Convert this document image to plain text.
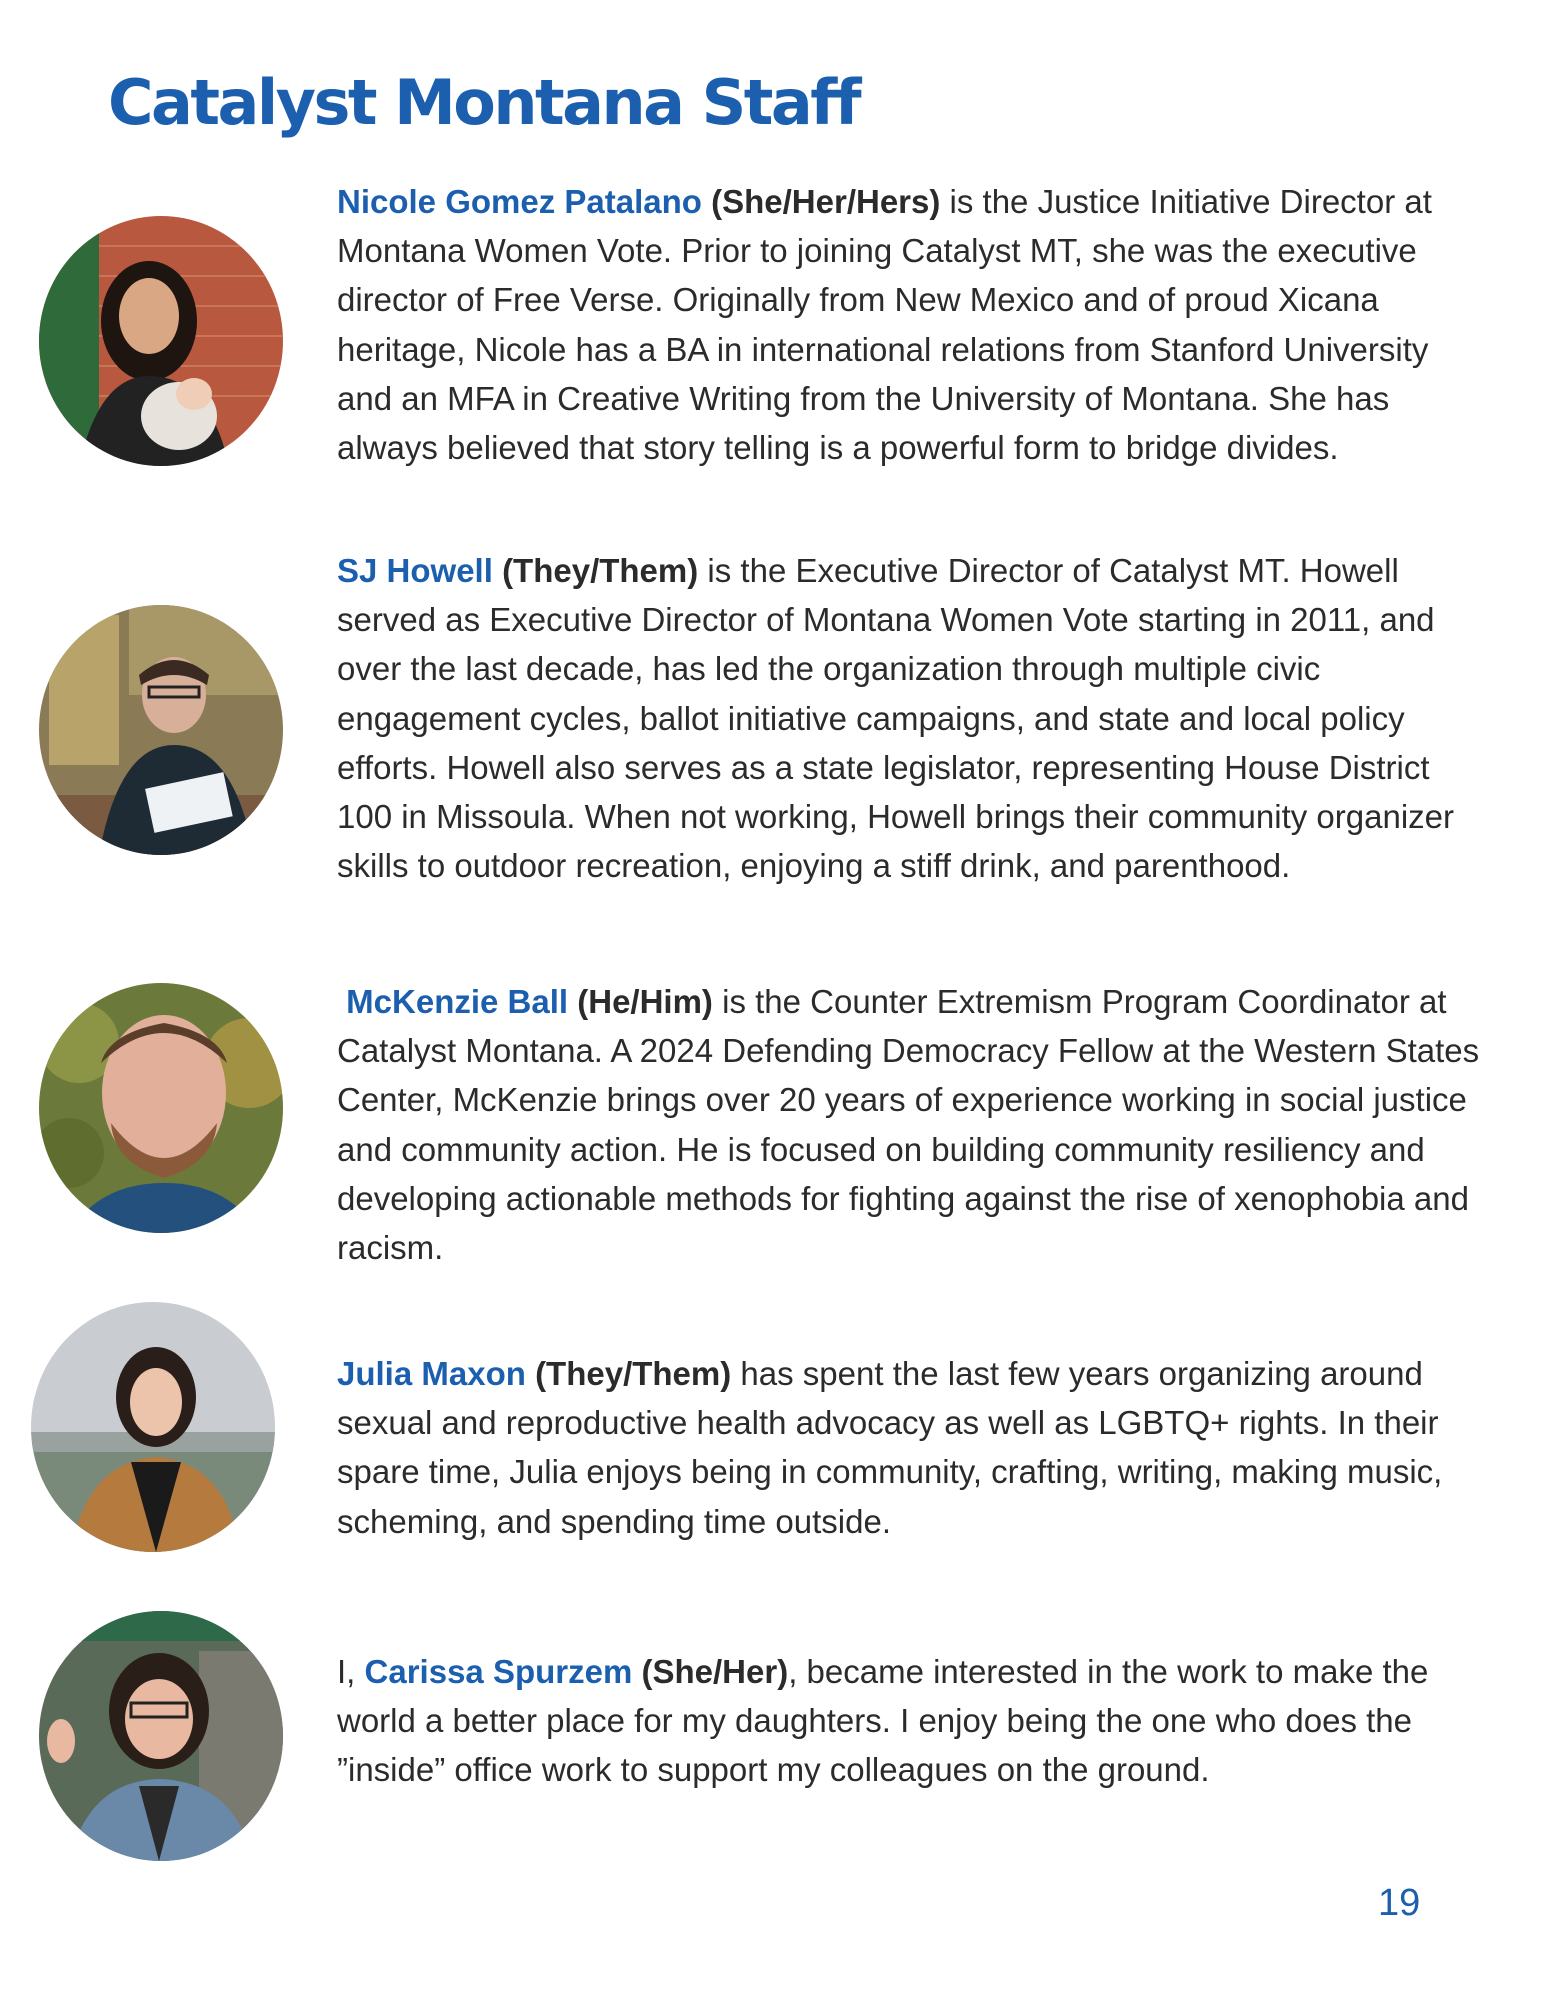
Catalyst Montana Staff

Nicole Gomez Patalano (She/Her/Hers) is the Justice Initiative Director at Montana Women Vote. Prior to joining Catalyst MT, she was the executive director of Free Verse. Originally from New Mexico and of proud Xicana heritage, Nicole has a BA in international relations from Stanford University and an MFA in Creative Writing from the University of Montana. She has always believed that story telling is a powerful form to bridge divides.

SJ Howell (They/Them) is the Executive Director of Catalyst MT. Howell served as Executive Director of Montana Women Vote starting in 2011, and over the last decade, has led the organization through multiple civic engagement cycles, ballot initiative campaigns, and state and local policy efforts. Howell also serves as a state legislator, representing House District 100 in Missoula. When not working, Howell brings their community organizer skills to outdoor recreation, enjoying a stiff drink, and parenthood.

McKenzie Ball (He/Him) is the Counter Extremism Program Coordinator at Catalyst Montana. A 2024 Defending Democracy Fellow at the Western States Center, McKenzie brings over 20 years of experience working in social justice and community action. He is focused on building community resiliency and developing actionable methods for fighting against the rise of xenophobia and racism.

Julia Maxon (They/Them) has spent the last few years organizing around sexual and reproductive health advocacy as well as LGBTQ+ rights. In their spare time, Julia enjoys being in community, crafting, writing, making music, scheming, and spending time outside.

I, Carissa Spurzem (She/Her), became interested in the work to make the world a better place for my daughters. I enjoy being the one who does the ”inside” office work to support my colleagues on the ground.

19
